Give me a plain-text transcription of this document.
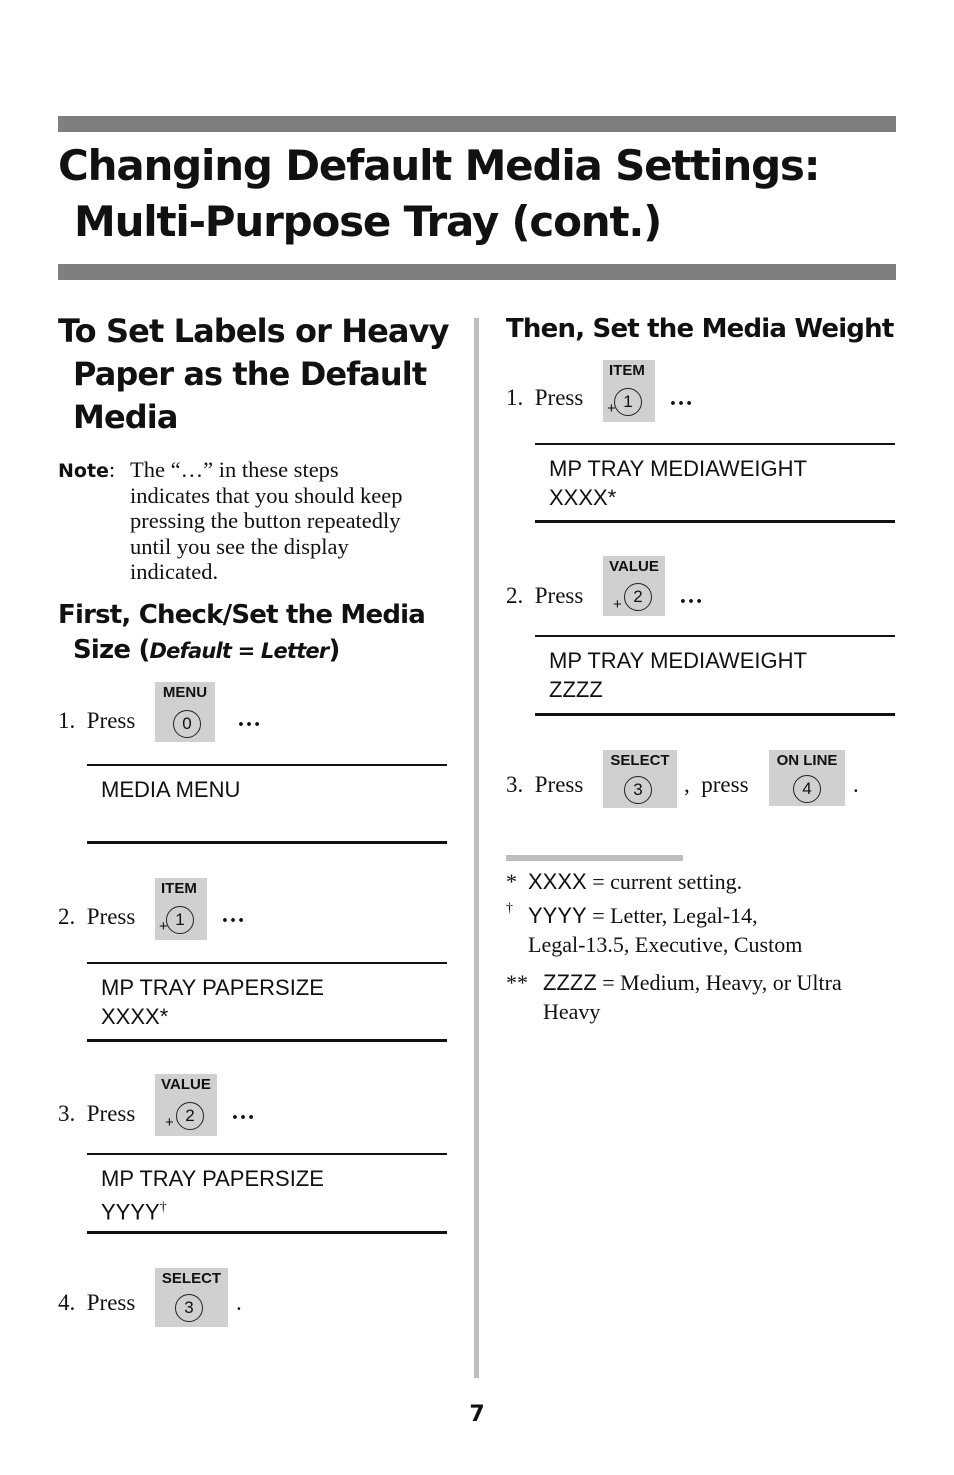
Changing Default Media Settings:
Multi-Purpose Tray (cont.)
To Set Labels or Heavy
Paper as the Default
Media
Note: The “…” in these steps
indicates that you should keep
pressing the button repeatedly
until you see the display
indicated.
First, Check/Set the Media
Size (Default = Letter)
1.  Press
MENU
0	…
MEDIA MENU
2.  Press
ITEM
1
+ …
MP TRAY PAPERSIZE
XXXX*
3.  Press
VALUE
2
+ …
MP TRAY PAPERSIZE
YYYY†
4.  Press
SELECT
3	.
Then, Set the Media Weight
1.  Press
ITEM
1
+ …
MP TRAY MEDIAWEIGHT
XXXX*
2.  Press
VALUE
2
+ …
MP TRAY MEDIAWEIGHT
ZZZZ
3.  Press
SELECT
3	,  press
ON LINE
4	.
* XXXX = current setting.
† YYYY = Letter, Legal-14,
Legal-13.5, Executive, Custom
** ZZZZ = Medium, Heavy, or Ultra
Heavy
7
